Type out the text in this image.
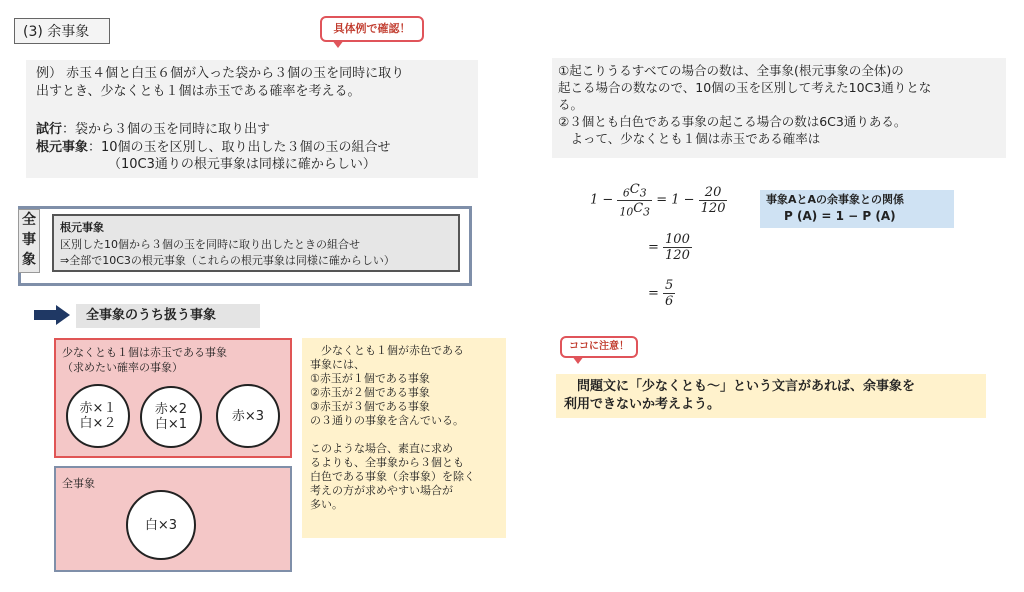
(3) 余事象	具体例で確認！
例） 赤玉４個と白玉６個が入った袋から３個の玉を同時に取り
出すとき、少なくとも１個は赤玉である確率を考える。
試行：袋から３個の玉を同時に取り出す
根元事象：10個の玉を区別し、取り出した３個の玉の組合せ
（10C3通りの根元事象は同様に確からしい）
全
事
象
根元事象
区別した10個から３個の玉を同時に取り出したときの組合せ
⇒全部で10C3の根元事象（これらの根元事象は同様に確からしい）
全事象のうち扱う事象
少なくとも１個は赤玉である事象
（求めたい確率の事象）
赤×１
白×２
赤×2
白×1
赤×3
全事象
白×3
　少なくとも１個が赤色である
事象には、
①赤玉が１個である事象
②赤玉が２個である事象
③赤玉が３個である事象
の３通りの事象を含んでいる。
このような場合、素直に求め
るよりも、全事象から３個とも
白色である事象（余事象）を除く
考えの方が求めやすい場合が
多い。
①起こりうるすべての場合の数は、全事象(根元事象の全体)の
起こる場合の数なので、10個の玉を区別して考えた10C3通りとな
る。
②３個とも白色である事象の起こる場合の数は6C3通りある。
　よって、少なくとも１個は赤玉である確率は
$1 - \frac{_6C_3}{_{10}C_3} = 1 - \frac{20}{120}$
= $\frac{100}{120}$
= $\frac{5}{6}$
事象AとAの余事象との関係
P (A) = 1 − P (A)
ココに注意！
　問題文に「少なくとも〜」という文言があれば、余事象を
利用できないか考えよう。
